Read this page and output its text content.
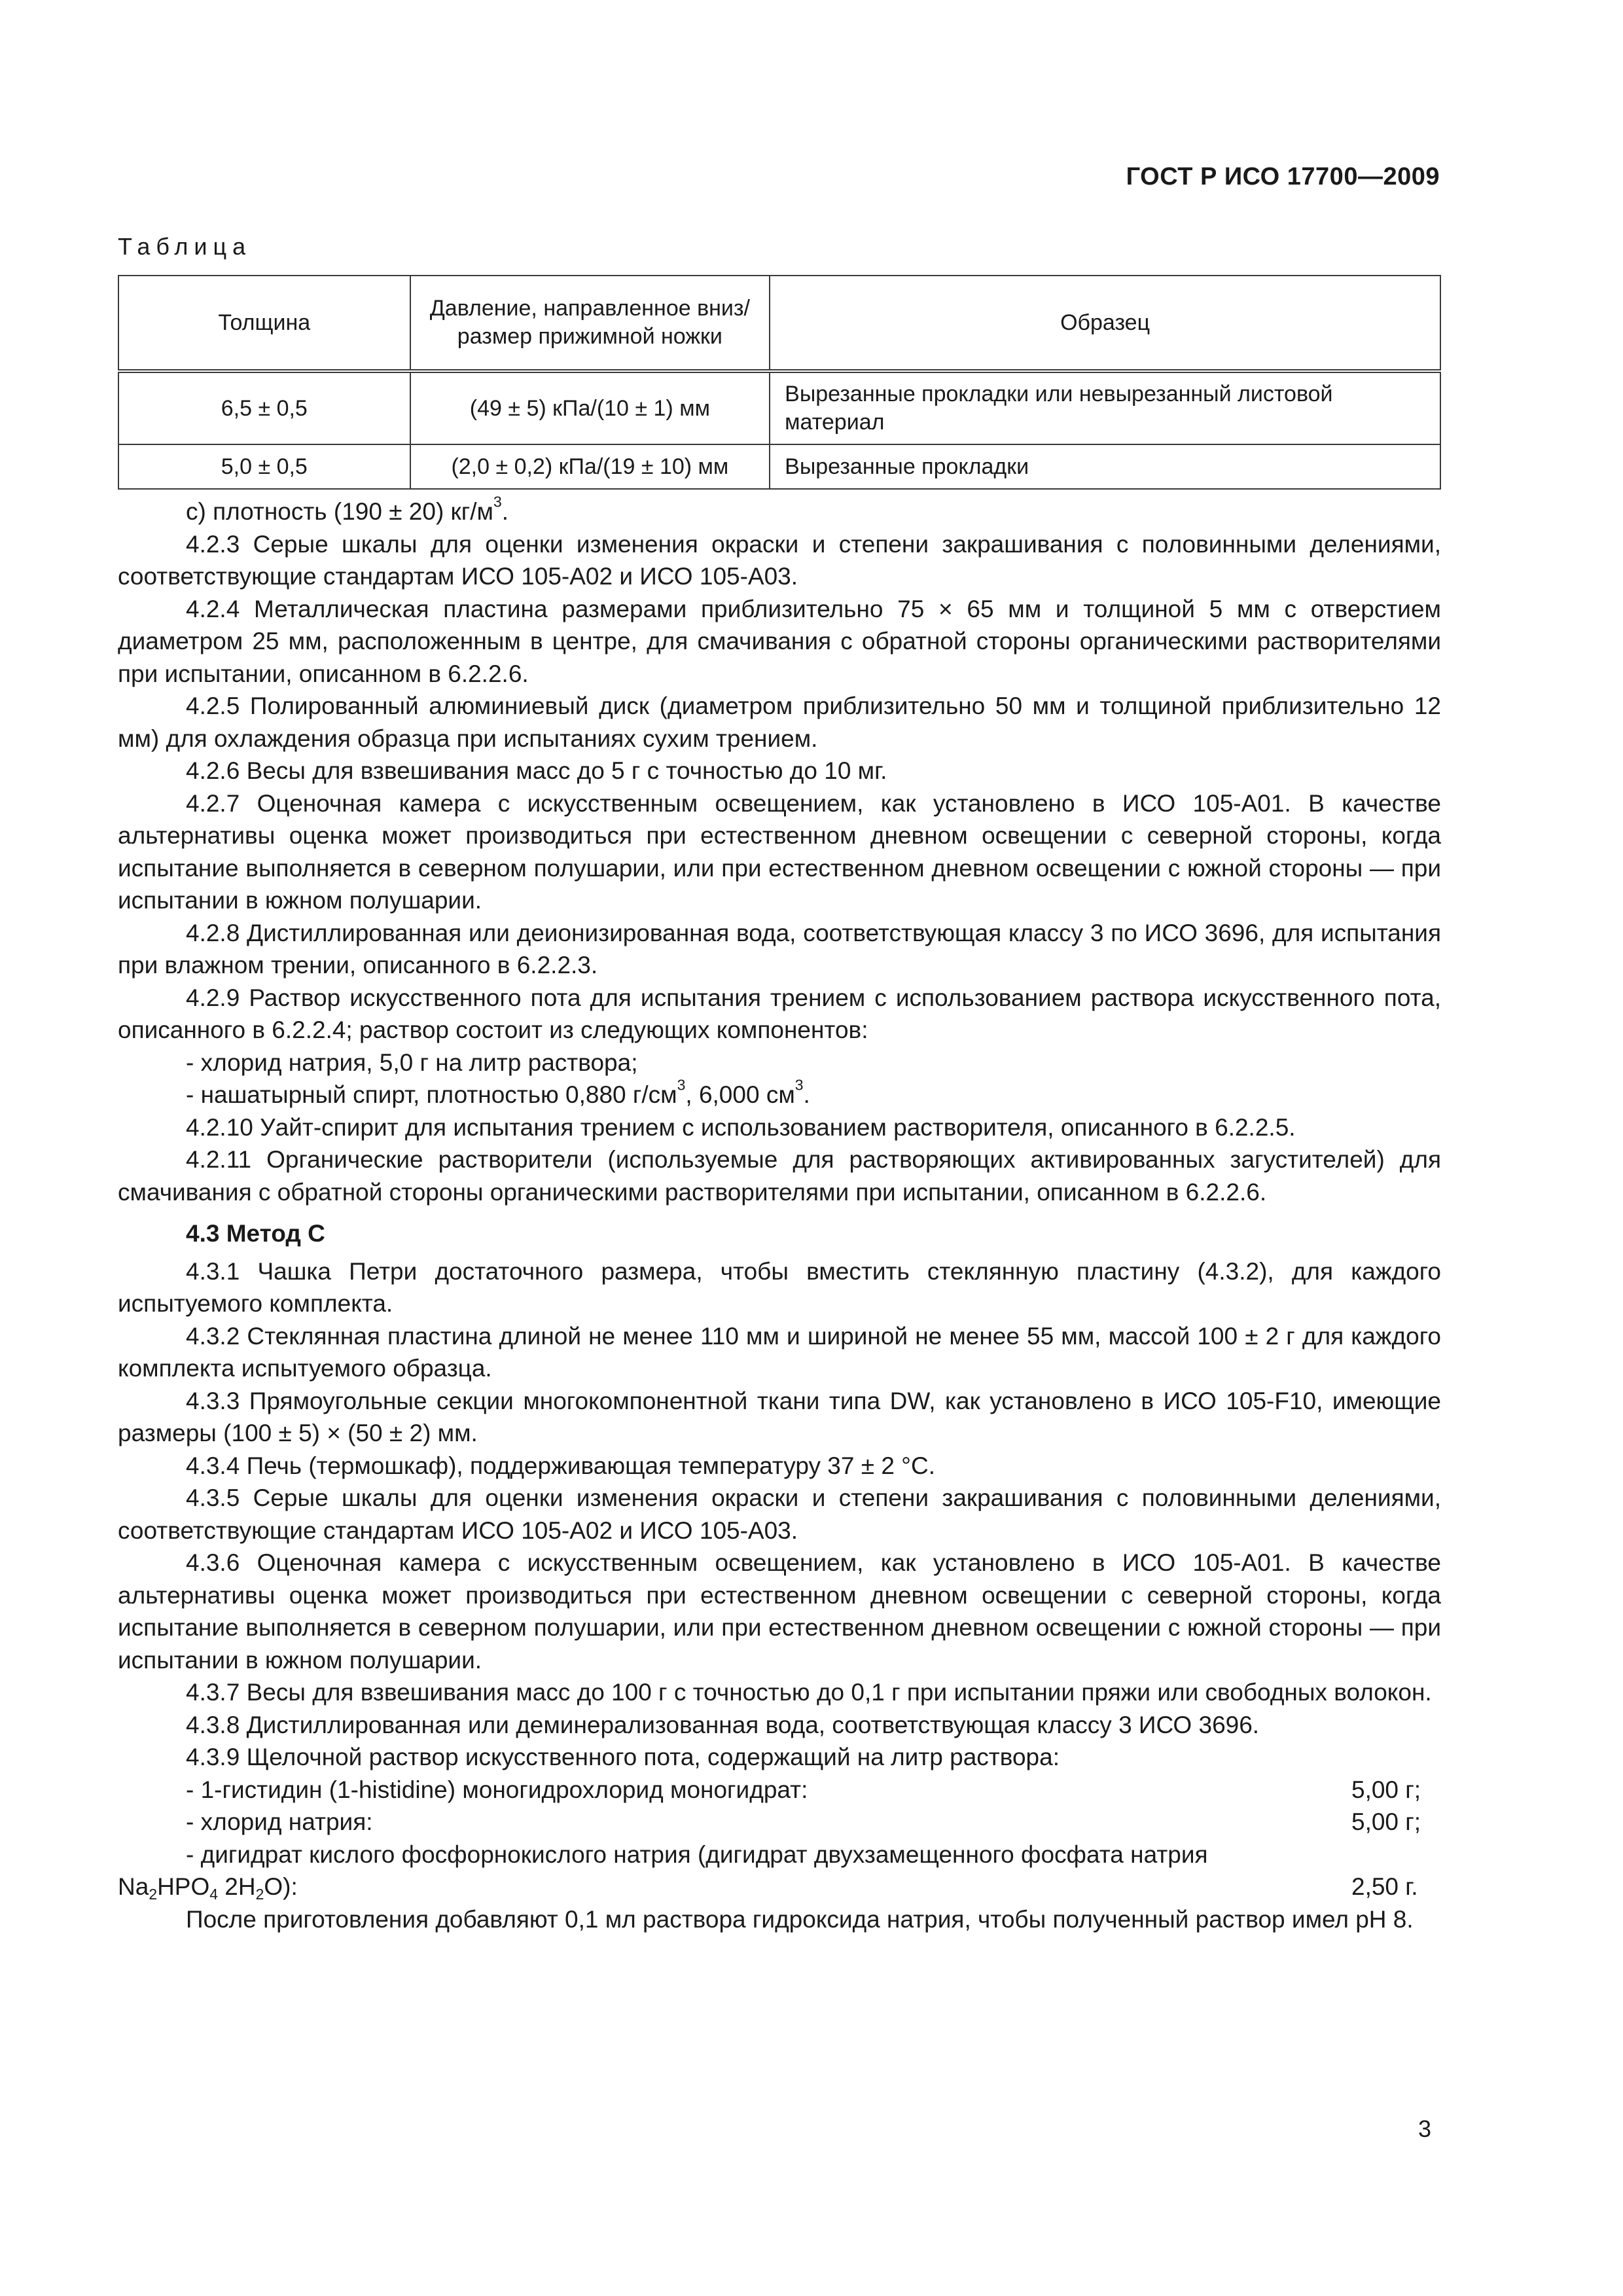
ГОСТ Р ИСО 17700—2009
Таблица
Толщина	Давление, направленное вниз/размер прижимной ножки	Образец
6,5 ± 0,5	(49 ± 5) кПа/(10 ± 1) мм	Вырезанные прокладки или невырезанный листовой материал
5,0 ± 0,5	(2,0 ± 0,2) кПа/(19 ± 10) мм	Вырезанные прокладки

с) плотность (190 ± 20) $кг/м^3$.

4.2.3 Серые шкалы для оценки изменения окраски и степени закрашивания с половинными делениями, соответствующие стандартам ИСО 105-А02 и ИСО 105-А03.

4.2.4 Металлическая пластина размерами приблизительно 75 × 65 мм и толщиной 5 мм с отверстием диаметром 25 мм, расположенным в центре, для смачивания с обратной стороны органическими растворителями при испытании, описанном в 6.2.2.6.

4.2.5 Полированный алюминиевый диск (диаметром приблизительно 50 мм и толщиной приблизительно 12 мм) для охлаждения образца при испытаниях сухим трением.

4.2.6 Весы для взвешивания масс до 5 г с точностью до 10 мг.

4.2.7 Оценочная камера с искусственным освещением, как установлено в ИСО 105-А01. В качестве альтернативы оценка может производиться при естественном дневном освещении с северной стороны, когда испытание выполняется в северном полушарии, или при естественном дневном освещении с южной стороны — при испытании в южном полушарии.

4.2.8 Дистиллированная или деионизированная вода, соответствующая классу 3 по ИСО 3696, для испытания при влажном трении, описанного в 6.2.2.3.

4.2.9 Раствор искусственного пота для испытания трением с использованием раствора искусственного пота, описанного в 6.2.2.4; раствор состоит из следующих компонентов:

- хлорид натрия, 5,0 г на литр раствора;

- нашатырный спирт, плотностью 0,880 $г/см^3$, 6,000 $см^3$.

4.2.10 Уайт-спирит для испытания трением с использованием растворителя, описанного в 6.2.2.5.

4.2.11 Органические растворители (используемые для растворяющих активированных загустителей) для смачивания с обратной стороны органическими растворителями при испытании, описанном в 6.2.2.6.

4.3 Метод С

4.3.1 Чашка Петри достаточного размера, чтобы вместить стеклянную пластину (4.3.2), для каждого испытуемого комплекта.

4.3.2 Стеклянная пластина длиной не менее 110 мм и шириной не менее 55 мм, массой 100 ± 2 г для каждого комплекта испытуемого образца.

4.3.3 Прямоугольные секции многокомпонентной ткани типа DW, как установлено в ИСО 105-F10, имеющие размеры (100 ± 5) × (50 ± 2) мм.

4.3.4 Печь (термошкаф), поддерживающая температуру 37 ± 2 °С.

4.3.5 Серые шкалы для оценки изменения окраски и степени закрашивания с половинными делениями, соответствующие стандартам ИСО 105-А02 и ИСО 105-А03.

4.3.6 Оценочная камера с искусственным освещением, как установлено в ИСО 105-А01. В качестве альтернативы оценка может производиться при естественном дневном освещении с северной стороны, когда испытание выполняется в северном полушарии, или при естественном дневном освещении с южной стороны — при испытании в южном полушарии.

4.3.7 Весы для взвешивания масс до 100 г с точностью до 0,1 г при испытании пряжи или свободных волокон.

4.3.8 Дистиллированная или деминерализованная вода, соответствующая классу 3 ИСО 3696.

4.3.9 Щелочной раствор искусственного пота, содержащий на литр раствора:

- 1-гистидин (1-histidine) моногидрохлорид моногидрат:	5,00 г;
- хлорид натрия:	5,00 г;

- дигидрат кислого фосфорнокислого натрия (дигидрат двухзамещенного фосфата натрия

$Na_2HPO_4$ $2H_2O$):	2,50 г.

После приготовления добавляют 0,1 мл раствора гидроксида натрия, чтобы полученный раствор имел pH 8.

3
